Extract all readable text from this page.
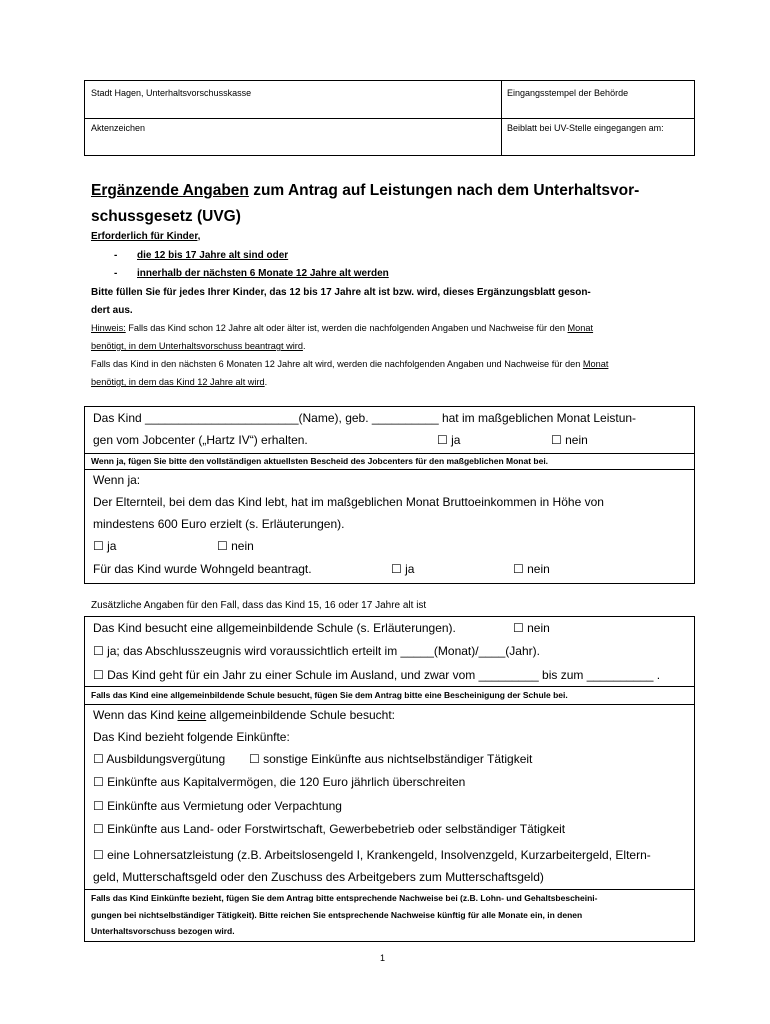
Stadt Hagen, Unterhaltsvorschusskasse	Eingangsstempel der Behörde
Aktenzeichen	Beiblatt bei UV-Stelle eingegangen am:
Ergänzende Angaben zum Antrag auf Leistungen nach dem Unterhaltsvor-
schussgesetz (UVG)
Erforderlich für Kinder,
- die 12 bis 17 Jahre alt sind oder
- innerhalb der nächsten 6 Monate 12 Jahre alt werden
Bitte füllen Sie für jedes Ihrer Kinder, das 12 bis 17 Jahre alt ist bzw. wird, dieses Ergänzungsblatt geson-
dert aus.
Hinweis: Falls das Kind schon 12 Jahre alt oder älter ist, werden die nachfolgenden Angaben und Nachweise für den Monat
benötigt, in dem Unterhaltsvorschuss beantragt wird.
Falls das Kind in den nächsten 6 Monaten 12 Jahre alt wird, werden die nachfolgenden Angaben und Nachweise für den Monat
benötigt, in dem das Kind 12 Jahre alt wird.
Das Kind _______________________(Name), geb. __________ hat im maßgeblichen Monat Leistun-
gen vom Jobcenter („Hartz IV“) erhalten.	☐ ja	☐ nein
Wenn ja, fügen Sie bitte den vollständigen aktuellsten Bescheid des Jobcenters für den maßgeblichen Monat bei.
Wenn ja:
Der Elternteil, bei dem das Kind lebt, hat im maßgeblichen Monat Bruttoeinkommen in Höhe von
mindestens 600 Euro erzielt (s. Erläuterungen).
☐ ja	☐ nein
Für das Kind wurde Wohngeld beantragt.	☐ ja	☐ nein
Zusätzliche Angaben für den Fall, dass das Kind 15, 16 oder 17 Jahre alt ist
Das Kind besucht eine allgemeinbildende Schule (s. Erläuterungen).	☐ nein
☐ ja; das Abschlusszeugnis wird voraussichtlich erteilt im _____(Monat)/____(Jahr).
☐ Das Kind geht für ein Jahr zu einer Schule im Ausland, und zwar vom _________ bis zum __________ .
Falls das Kind eine allgemeinbildende Schule besucht, fügen Sie dem Antrag bitte eine Bescheinigung der Schule bei.
Wenn das Kind keine allgemeinbildende Schule besucht:
Das Kind bezieht folgende Einkünfte:
☐ Ausbildungsvergütung ☐ sonstige Einkünfte aus nichtselbständiger Tätigkeit
☐ Einkünfte aus Kapitalvermögen, die 120 Euro jährlich überschreiten
☐ Einkünfte aus Vermietung oder Verpachtung
☐ Einkünfte aus Land- oder Forstwirtschaft, Gewerbebetrieb oder selbständiger Tätigkeit
☐ eine Lohnersatzleistung (z.B. Arbeitslosengeld I, Krankengeld, Insolvenzgeld, Kurzarbeitergeld, Eltern-
geld, Mutterschaftsgeld oder den Zuschuss des Arbeitgebers zum Mutterschaftsgeld)
Falls das Kind Einkünfte bezieht, fügen Sie dem Antrag bitte entsprechende Nachweise bei (z.B. Lohn- und Gehaltsbescheini-
gungen bei nichtselbständiger Tätigkeit). Bitte reichen Sie entsprechende Nachweise künftig für alle Monate ein, in denen
Unterhaltsvorschuss bezogen wird.
1
